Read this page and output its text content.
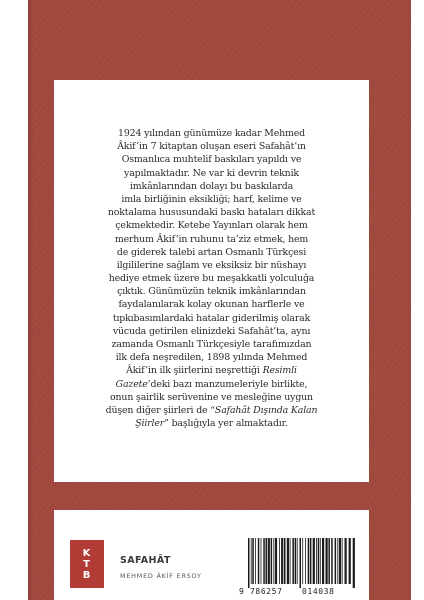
1924 yılından günümüze kadar Mehmed
Âkif’in 7 kitaptan oluşan eseri Safahât’ın
Osmanlıca muhtelif baskıları yapıldı ve
yapılmaktadır. Ne var ki devrin teknik
imkânlarından dolayı bu baskılarda
imla birliğinin eksikliği; harf, kelime ve
noktalama hususundaki baskı hataları dikkat
çekmektedir. Ketebe Yayınları olarak hem
merhum Âkif’in ruhunu ta’ziz etmek, hem
de giderek talebi artan Osmanlı Türkçesi
ilgililerine sağlam ve eksiksiz bir nüshayı
hediye etmek üzere bu meşakkatli yolculuğa
çıktık. Günümüzün teknik imkânlarından
faydalanılarak kolay okunan harflerle ve
tıpkıbasımlardaki hatalar giderilmiş olarak
vücuda getirilen elinizdeki Safahât’ta, aynı
zamanda Osmanlı Türkçesiyle tarafımızdan
ilk defa neşredilen, 1898 yılında Mehmed
Âkif’in ilk şiirlerini neşrettiği Resimli
Gazete’deki bazı manzumeleriyle birlikte,
onun şairlik serüvenine ve mesleğine uygun
düşen diğer şiirleri de “Safahât Dışında Kalan
Şiirler” başlığıyla yer almaktadır.

K
T
B
SAFAHÂT
MEHMED ÂKİF ERSOY
9 786257 014038
